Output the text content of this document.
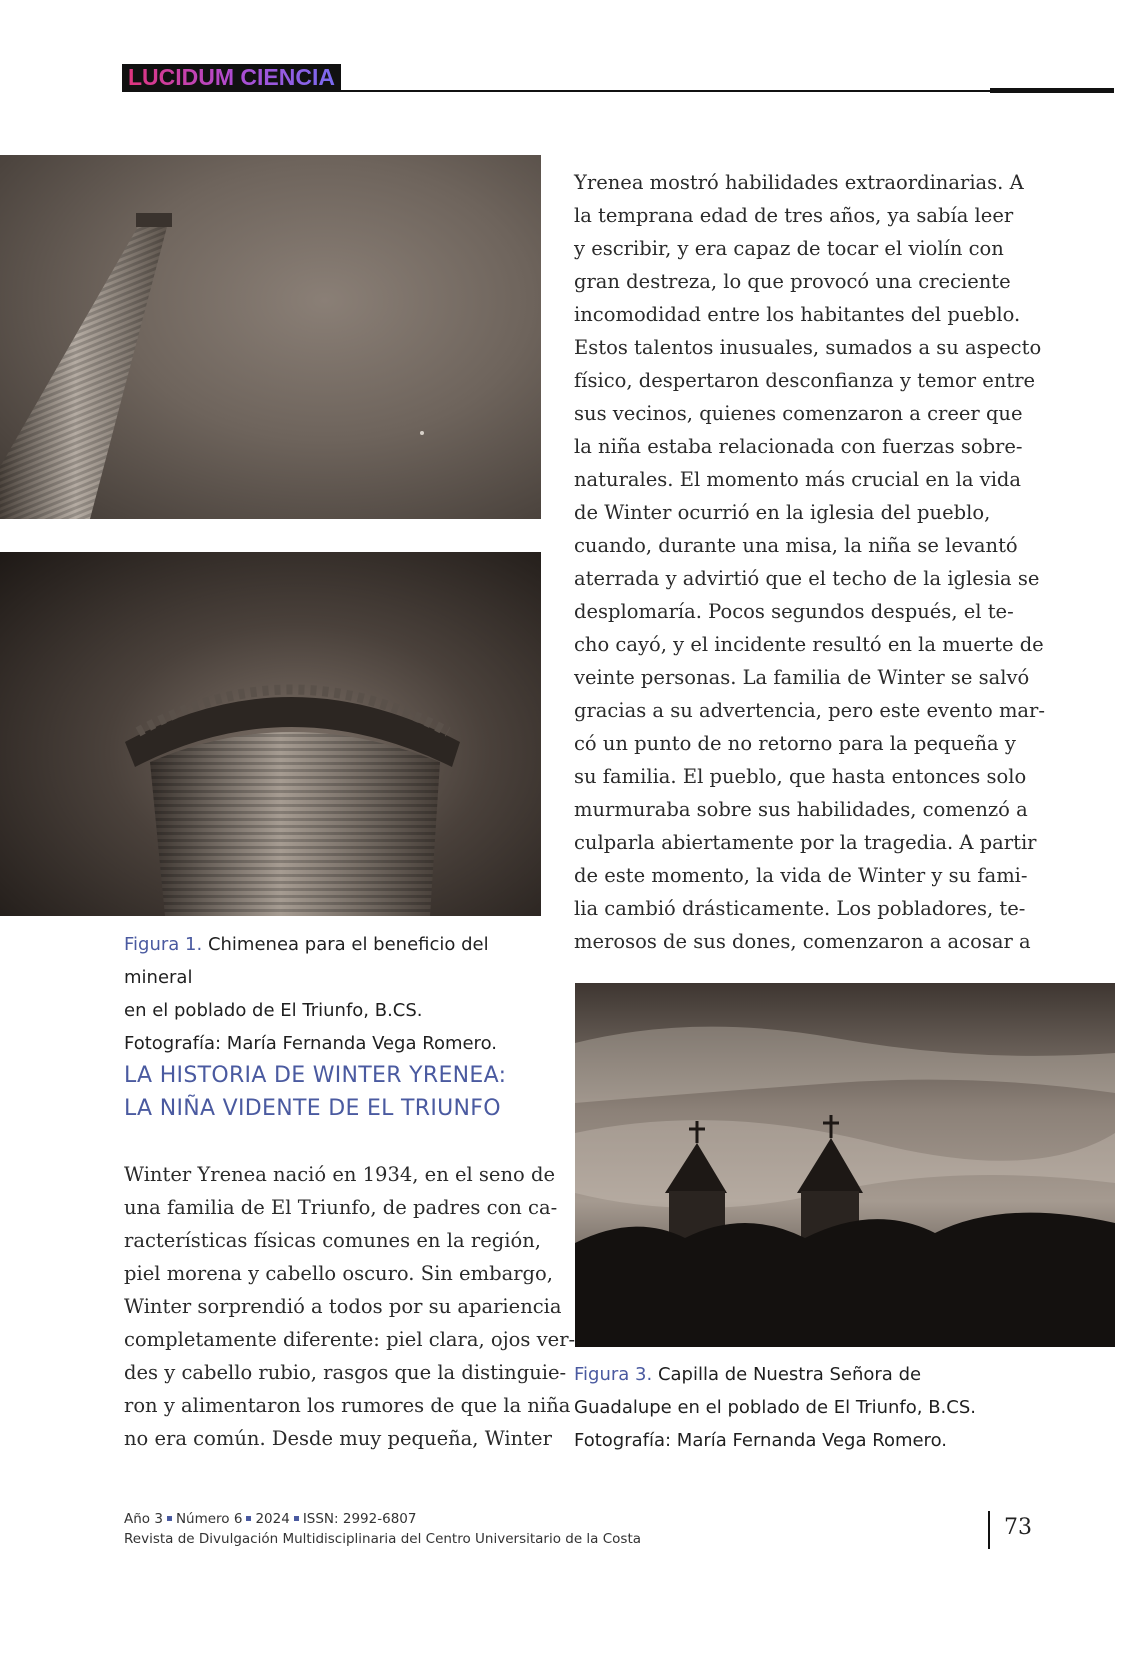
LUCIDUM CIENCIA
Figura 1. Chimenea para el beneficio del mineral
en el poblado de El Triunfo, B.CS.
Fotografía: María Fernanda Vega Romero.
LA HISTORIA DE WINTER YRENEA:
LA NIÑA VIDENTE DE EL TRIUNFO
Winter Yrenea nació en 1934, en el seno de
una familia de El Triunfo, de padres con ca-
racterísticas físicas comunes en la región,
piel morena y cabello oscuro. Sin embargo,
Winter sorprendió a todos por su apariencia
completamente diferente: piel clara, ojos ver-
des y cabello rubio, rasgos que la distinguie-
ron y alimentaron los rumores de que la niña
no era común. Desde muy pequeña, Winter
Yrenea mostró habilidades extraordinarias. A
la temprana edad de tres años, ya sabía leer
y escribir, y era capaz de tocar el violín con
gran destreza, lo que provocó una creciente
incomodidad entre los habitantes del pueblo.
Estos talentos inusuales, sumados a su aspecto
físico, despertaron desconfianza y temor entre
sus vecinos, quienes comenzaron a creer que
la niña estaba relacionada con fuerzas sobre-
naturales. El momento más crucial en la vida
de Winter ocurrió en la iglesia del pueblo,
cuando, durante una misa, la niña se levantó
aterrada y advirtió que el techo de la iglesia se
desplomaría. Pocos segundos después, el te-
cho cayó, y el incidente resultó en la muerte de
veinte personas. La familia de Winter se salvó
gracias a su advertencia, pero este evento mar-
có un punto de no retorno para la pequeña y
su familia. El pueblo, que hasta entonces solo
murmuraba sobre sus habilidades, comenzó a
culparla abiertamente por la tragedia. A partir
de este momento, la vida de Winter y su fami-
lia cambió drásticamente. Los pobladores, te-
merosos de sus dones, comenzaron a acosar a
Figura 3. Capilla de Nuestra Señora de
Guadalupe en el poblado de El Triunfo, B.CS.
Fotografía: María Fernanda Vega Romero.
Año 3 Número 6 2024 ISSN: 2992-6807
Revista de Divulgación Multidisciplinaria del Centro Universitario de la Costa	73
